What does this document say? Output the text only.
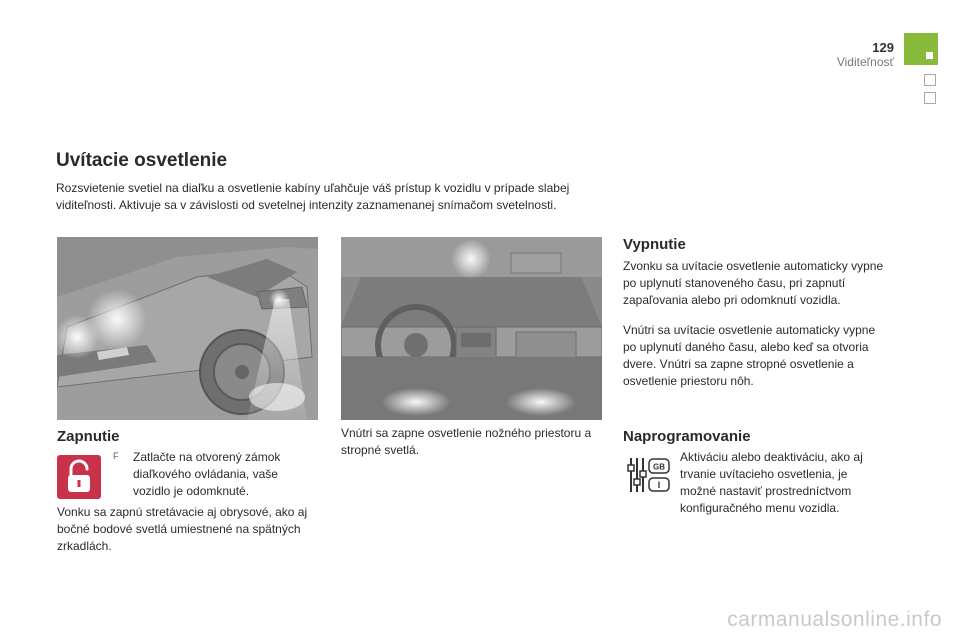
129
Viditeľnosť
Uvítacie osvetlenie
Rozsvietenie svetiel na diaľku a osvetlenie kabíny uľahčuje váš prístup k vozidlu v prípade slabej viditeľnosti. Aktivuje sa v závislosti od svetelnej intenzity zaznamenanej snímačom svetelnosti.
Zapnutie
F Zatlačte na otvorený zámok diaľkového ovládania, vaše vozidlo je odomknuté.
Vonku sa zapnú stretávacie aj obrysové, ako aj bočné bodové svetlá umiestnené na spätných zrkadlách.
Vnútri sa zapne osvetlenie nožného priestoru a stropné svetlá.
Vypnutie
Zvonku sa uvítacie osvetlenie automaticky vypne po uplynutí stanoveného času, pri zapnutí zapaľovania alebo pri odomknutí vozidla.
Vnútri sa uvítacie osvetlenie automaticky vypne po uplynutí daného času, alebo keď sa otvoria dvere. Vnútri sa zapne stropné osvetlenie a osvetlenie priestoru nôh.
Naprogramovanie
GB
I
Aktiváciu alebo deaktiváciu, ako aj trvanie uvítacieho osvetlenia, je možné nastaviť prostredníctvom konfiguračného menu vozidla.
carmanualsonline.info
